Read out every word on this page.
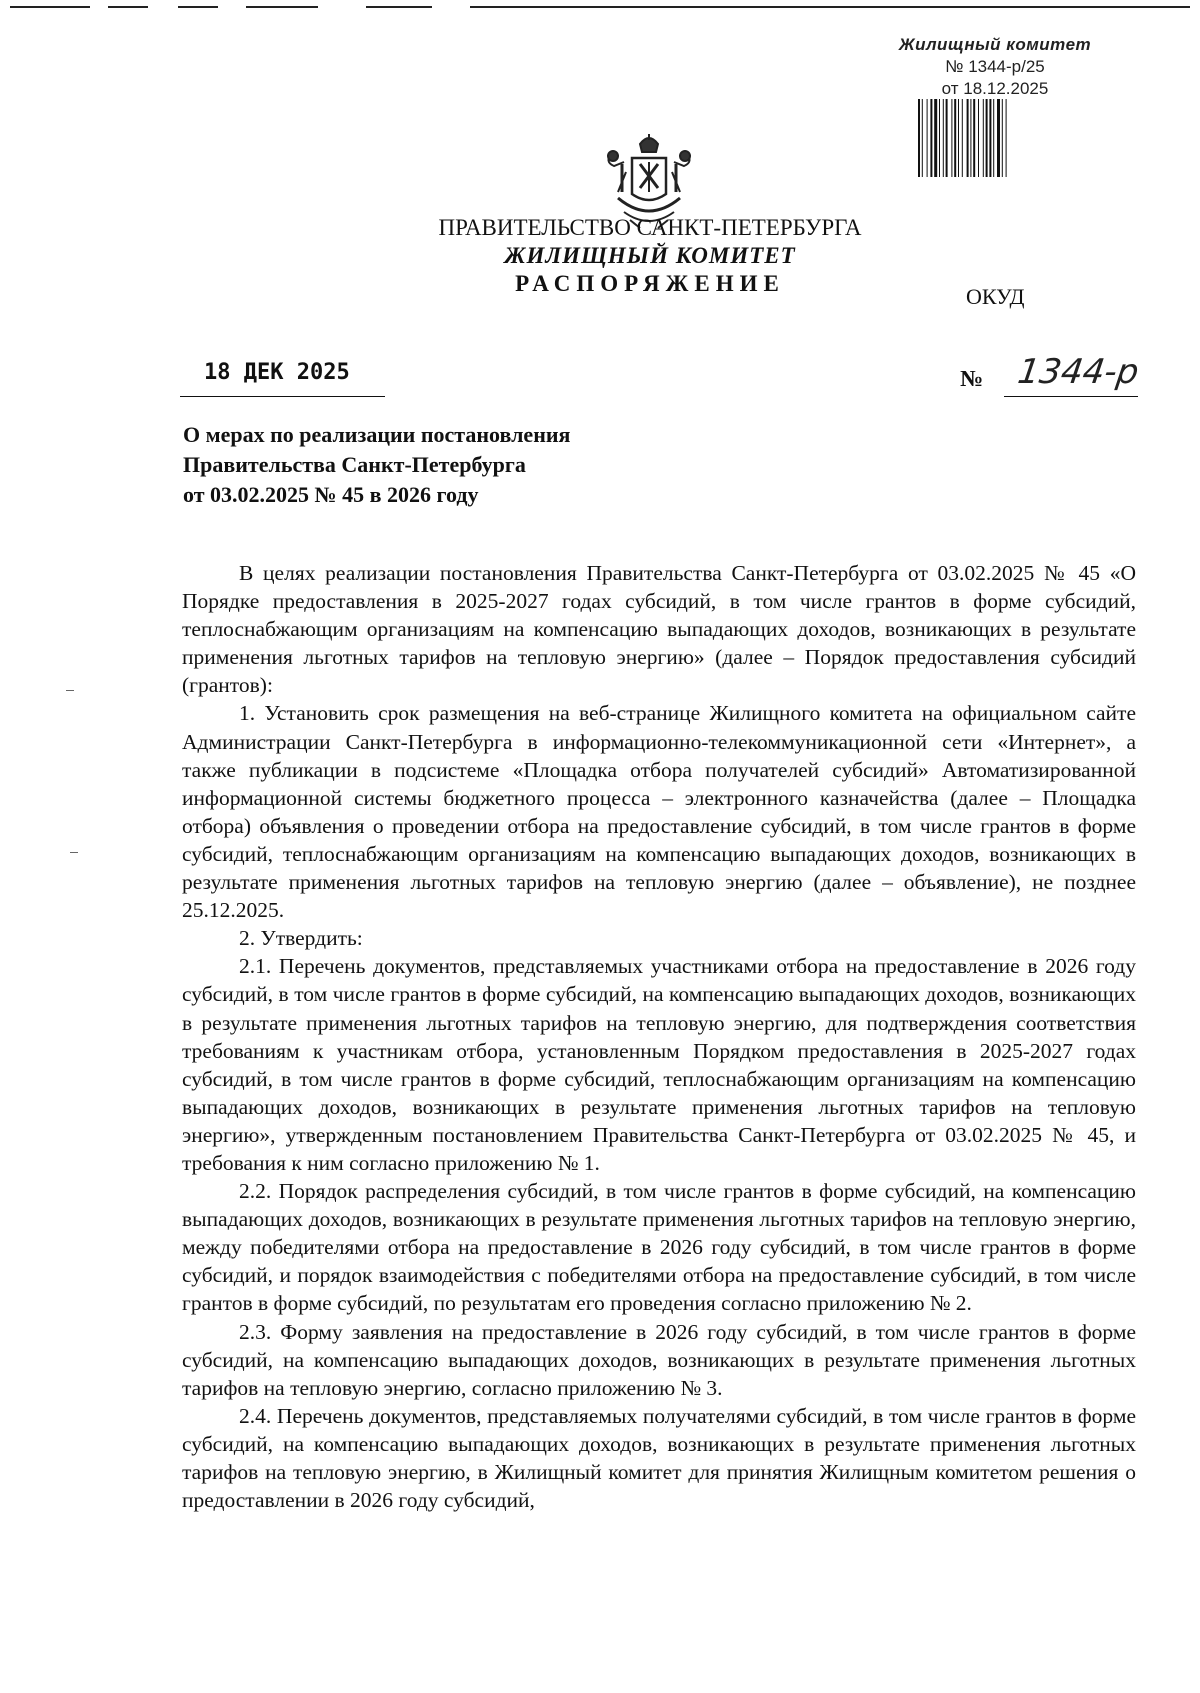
Жилищный комитет
№ 1344-р/25
от 18.12.2025
ПРАВИТЕЛЬСТВО САНКТ-ПЕТЕРБУРГА
ЖИЛИЩНЫЙ КОМИТЕТ
РАСПОРЯЖЕНИЕ
ОКУД
18 ДЕК 2025	№ 1344-р
О мерах по реализации постановления
Правительства Санкт-Петербурга
от 03.02.2025 № 45 в 2026 году

В целях реализации постановления Правительства Санкт-Петербурга от 03.02.2025 № 45 «О Порядке предоставления в 2025-2027 годах субсидий, в том числе грантов в форме субсидий, теплоснабжающим организациям на компенсацию выпадающих доходов, возникающих в результате применения льготных тарифов на тепловую энергию» (далее – Порядок предоставления субсидий (грантов):

1. Установить срок размещения на веб-странице Жилищного комитета на официальном сайте Администрации Санкт-Петербурга в информационно-телекоммуникационной сети «Интернет», а также публикации в подсистеме «Площадка отбора получателей субсидий» Автоматизированной информационной системы бюджетного процесса – электронного казначейства (далее – Площадка отбора) объявления о проведении отбора на предоставление субсидий, в том числе грантов в форме субсидий, теплоснабжающим организациям на компенсацию выпадающих доходов, возникающих в результате применения льготных тарифов на тепловую энергию (далее – объявление), не позднее 25.12.2025.

2. Утвердить:

2.1. Перечень документов, представляемых участниками отбора на предоставление в 2026 году субсидий, в том числе грантов в форме субсидий, на компенсацию выпадающих доходов, возникающих в результате применения льготных тарифов на тепловую энергию, для подтверждения соответствия требованиям к участникам отбора, установленным Порядком предоставления в 2025-2027 годах субсидий, в том числе грантов в форме субсидий, теплоснабжающим организациям на компенсацию выпадающих доходов, возникающих в результате применения льготных тарифов на тепловую энергию», утвержденным постановлением Правительства Санкт-Петербурга от 03.02.2025 № 45, и требования к ним согласно приложению № 1.

2.2. Порядок распределения субсидий, в том числе грантов в форме субсидий, на компенсацию выпадающих доходов, возникающих в результате применения льготных тарифов на тепловую энергию, между победителями отбора на предоставление в 2026 году субсидий, в том числе грантов в форме субсидий, и порядок взаимодействия с победителями отбора на предоставление субсидий, в том числе грантов в форме субсидий, по результатам его проведения согласно приложению № 2.

2.3. Форму заявления на предоставление в 2026 году субсидий, в том числе грантов в форме субсидий, на компенсацию выпадающих доходов, возникающих в результате применения льготных тарифов на тепловую энергию, согласно приложению № 3.

2.4. Перечень документов, представляемых получателями субсидий, в том числе грантов в форме субсидий, на компенсацию выпадающих доходов, возникающих в результате применения льготных тарифов на тепловую энергию, в Жилищный комитет для принятия Жилищным комитетом решения о предоставлении в 2026 году субсидий,
